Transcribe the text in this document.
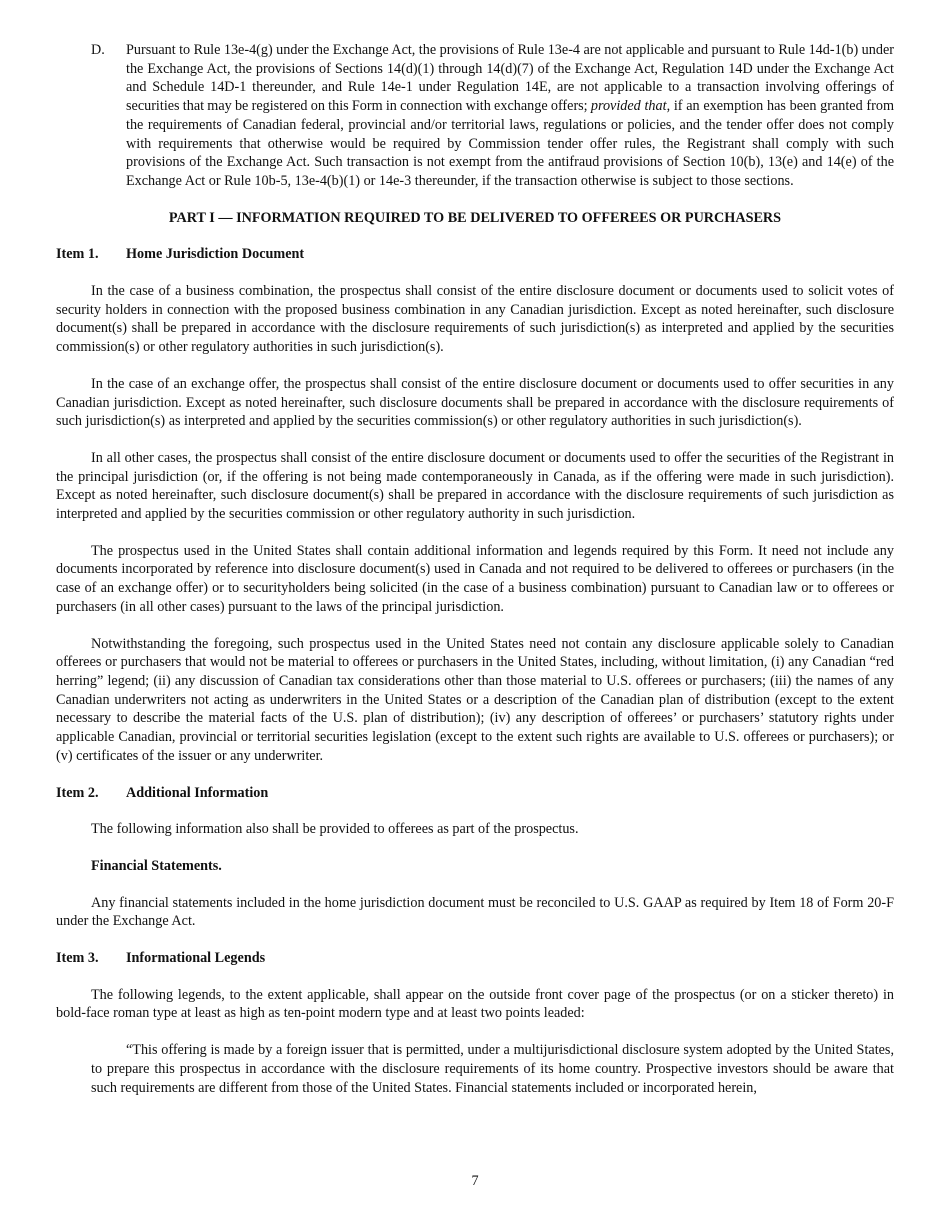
D. Pursuant to Rule 13e-4(g) under the Exchange Act, the provisions of Rule 13e-4 are not applicable and pursuant to Rule 14d-1(b) under the Exchange Act, the provisions of Sections 14(d)(1) through 14(d)(7) of the Exchange Act, Regulation 14D under the Exchange Act and Schedule 14D-1 thereunder, and Rule 14e-1 under Regulation 14E, are not applicable to a transaction involving offerings of securities that may be registered on this Form in connection with exchange offers; provided that, if an exemption has been granted from the requirements of Canadian federal, provincial and/or territorial laws, regulations or policies, and the tender offer does not comply with requirements that otherwise would be required by Commission tender offer rules, the Registrant shall comply with such provisions of the Exchange Act. Such transaction is not exempt from the antifraud provisions of Section 10(b), 13(e) and 14(e) of the Exchange Act or Rule 10b-5, 13e-4(b)(1) or 14e-3 thereunder, if the transaction otherwise is subject to those sections.

PART I — INFORMATION REQUIRED TO BE DELIVERED TO OFFEREES OR PURCHASERS

Item 1. Home Jurisdiction Document

In the case of a business combination, the prospectus shall consist of the entire disclosure document or documents used to solicit votes of security holders in connection with the proposed business combination in any Canadian jurisdiction. Except as noted hereinafter, such disclosure document(s) shall be prepared in accordance with the disclosure requirements of such jurisdiction(s) as interpreted and applied by the securities commission(s) or other regulatory authorities in such jurisdiction(s).

In the case of an exchange offer, the prospectus shall consist of the entire disclosure document or documents used to offer securities in any Canadian jurisdiction. Except as noted hereinafter, such disclosure documents shall be prepared in accordance with the disclosure requirements of such jurisdiction(s) as interpreted and applied by the securities commission(s) or other regulatory authorities in such jurisdiction(s).

In all other cases, the prospectus shall consist of the entire disclosure document or documents used to offer the securities of the Registrant in the principal jurisdiction (or, if the offering is not being made contemporaneously in Canada, as if the offering were made in such jurisdiction). Except as noted hereinafter, such disclosure document(s) shall be prepared in accordance with the disclosure requirements of such jurisdiction as interpreted and applied by the securities commission or other regulatory authority in such jurisdiction.

The prospectus used in the United States shall contain additional information and legends required by this Form. It need not include any documents incorporated by reference into disclosure document(s) used in Canada and not required to be delivered to offerees or purchasers (in the case of an exchange offer) or to securityholders being solicited (in the case of a business combination) pursuant to Canadian law or to offerees or purchasers (in all other cases) pursuant to the laws of the principal jurisdiction.

Notwithstanding the foregoing, such prospectus used in the United States need not contain any disclosure applicable solely to Canadian offerees or purchasers that would not be material to offerees or purchasers in the United States, including, without limitation, (i) any Canadian “red herring” legend; (ii) any discussion of Canadian tax considerations other than those material to U.S. offerees or purchasers; (iii) the names of any Canadian underwriters not acting as underwriters in the United States or a description of the Canadian plan of distribution (except to the extent necessary to describe the material facts of the U.S. plan of distribution); (iv) any description of offerees’ or purchasers’ statutory rights under applicable Canadian, provincial or territorial securities legislation (except to the extent such rights are available to U.S. offerees or purchasers); or (v) certificates of the issuer or any underwriter.

Item 2. Additional Information

The following information also shall be provided to offerees as part of the prospectus.

Financial Statements.

Any financial statements included in the home jurisdiction document must be reconciled to U.S. GAAP as required by Item 18 of Form 20-F under the Exchange Act.

Item 3. Informational Legends

The following legends, to the extent applicable, shall appear on the outside front cover page of the prospectus (or on a sticker thereto) in bold-face roman type at least as high as ten-point modern type and at least two points leaded:

“This offering is made by a foreign issuer that is permitted, under a multijurisdictional disclosure system adopted by the United States, to prepare this prospectus in accordance with the disclosure requirements of its home country. Prospective investors should be aware that such requirements are different from those of the United States. Financial statements included or incorporated herein,

7
